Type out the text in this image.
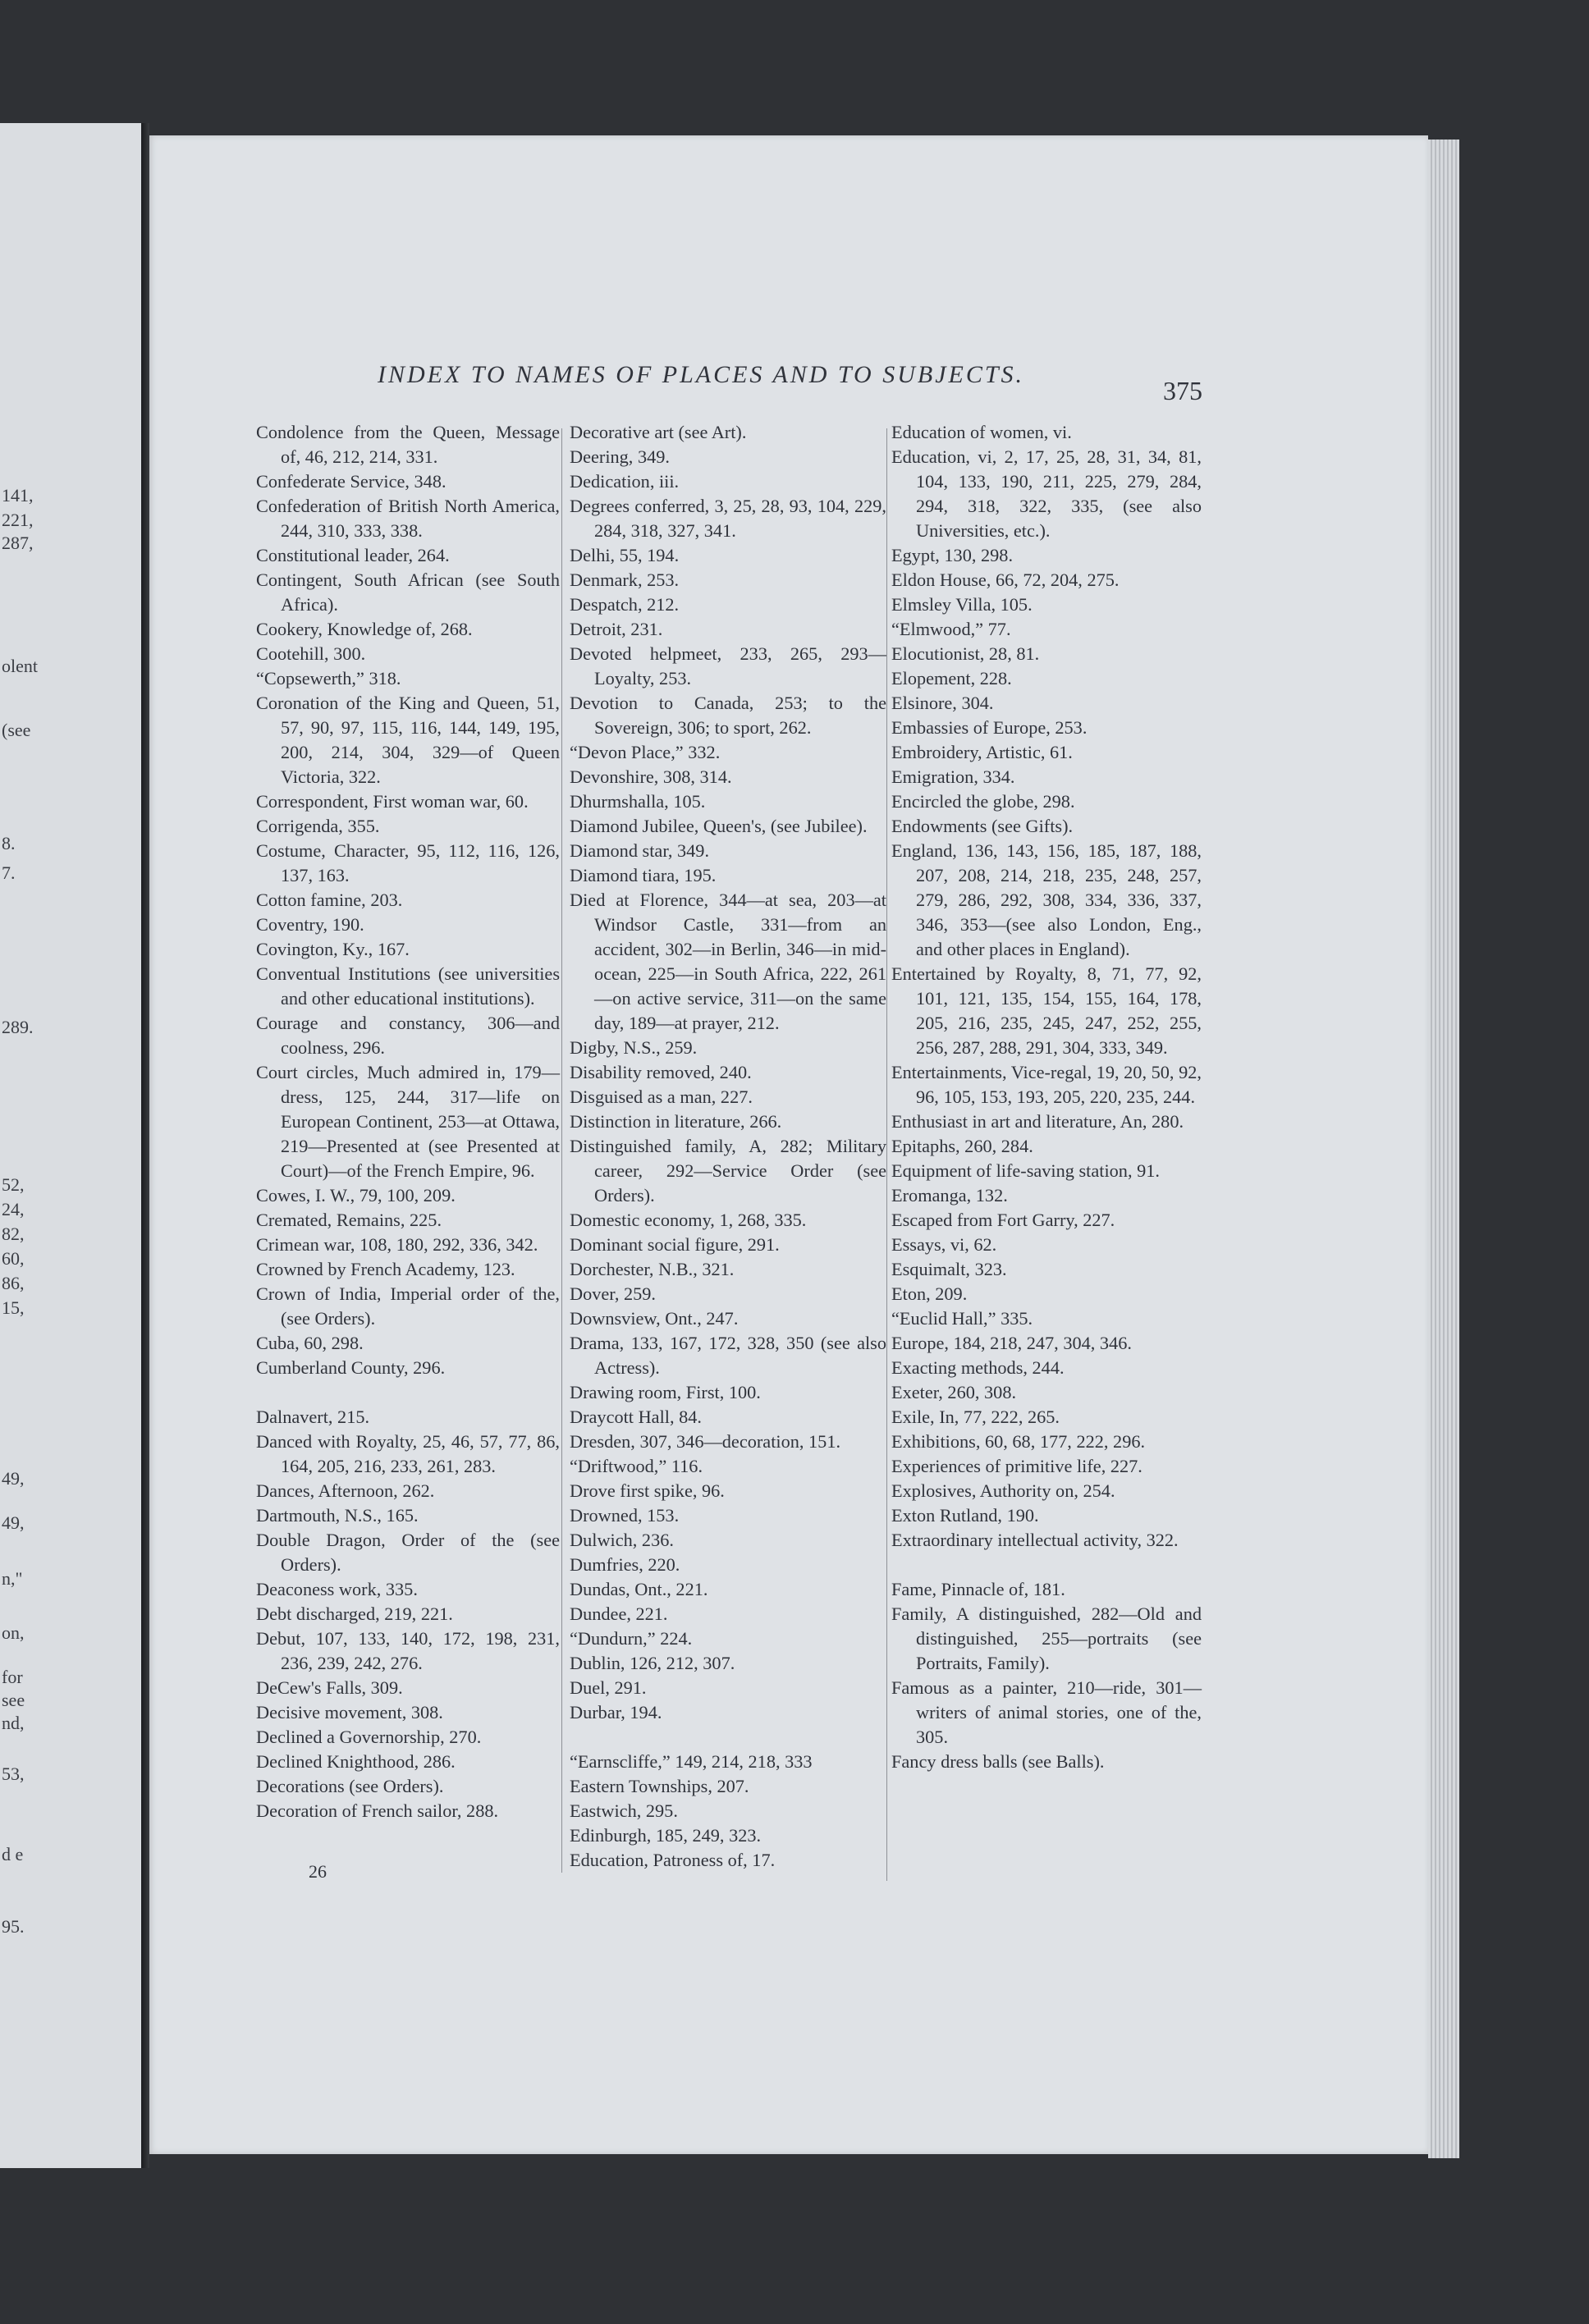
141,
221,
287,
olent
(see
8.
7.
289.
52,
24,
82,
60,
86,
15,
49,
49,
n,"
on,
for
see
nd,
53,
d e
95.
INDEX TO NAMES OF PLACES AND TO SUBJECTS.
375
Condolence from the Queen, Message of, 46, 212, 214, 331.
Confederate Service, 348.
Confederation of British North America, 244, 310, 333, 338.
Constitutional leader, 264.
Contingent, South African (see South Africa).
Cookery, Knowledge of, 268.
Cootehill, 300.
“Copsewerth,” 318.
Coronation of the King and Queen, 51, 57, 90, 97, 115, 116, 144, 149, 195, 200, 214, 304, 329—of Queen Victoria, 322.
Correspondent, First woman war, 60.
Corrigenda, 355.
Costume, Character, 95, 112, 116, 126, 137, 163.
Cotton famine, 203.
Coventry, 190.
Covington, Ky., 167.
Conventual Institutions (see universities and other educational institutions).
Courage and constancy, 306—and coolness, 296.
Court circles, Much admired in, 179—dress, 125, 244, 317—life on European Continent, 253—at Ottawa, 219—Presented at (see Presented at Court)—of the French Empire, 96.
Cowes, I. W., 79, 100, 209.
Cremated, Remains, 225.
Crimean war, 108, 180, 292, 336, 342.
Crowned by French Academy, 123.
Crown of India, Imperial order of the, (see Orders).
Cuba, 60, 298.
Cumberland County, 296.
Dalnavert, 215.
Danced with Royalty, 25, 46, 57, 77, 86, 164, 205, 216, 233, 261, 283.
Dances, Afternoon, 262.
Dartmouth, N.S., 165.
Double Dragon, Order of the (see Orders).
Deaconess work, 335.
Debt discharged, 219, 221.
Debut, 107, 133, 140, 172, 198, 231, 236, 239, 242, 276.
DeCew's Falls, 309.
Decisive movement, 308.
Declined a Governorship, 270.
Declined Knighthood, 286.
Decorations (see Orders).
Decoration of French sailor, 288.
Decorative art (see Art).
Deering, 349.
Dedication, iii.
Degrees conferred, 3, 25, 28, 93, 104, 229, 284, 318, 327, 341.
Delhi, 55, 194.
Denmark, 253.
Despatch, 212.
Detroit, 231.
Devoted helpmeet, 233, 265, 293—Loyalty, 253.
Devotion to Canada, 253; to the Sovereign, 306; to sport, 262.
“Devon Place,” 332.
Devonshire, 308, 314.
Dhurmshalla, 105.
Diamond Jubilee, Queen's, (see Jubilee).
Diamond star, 349.
Diamond tiara, 195.
Died at Florence, 344—at sea, 203—at Windsor Castle, 331—from an accident, 302—in Berlin, 346—in mid-ocean, 225—in South Africa, 222, 261—on active service, 311—on the same day, 189—at prayer, 212.
Digby, N.S., 259.
Disability removed, 240.
Disguised as a man, 227.
Distinction in literature, 266.
Distinguished family, A, 282; Military career, 292—Service Order (see Orders).
Domestic economy, 1, 268, 335.
Dominant social figure, 291.
Dorchester, N.B., 321.
Dover, 259.
Downsview, Ont., 247.
Drama, 133, 167, 172, 328, 350 (see also Actress).
Drawing room, First, 100.
Draycott Hall, 84.
Dresden, 307, 346—decoration, 151.
“Driftwood,” 116.
Drove first spike, 96.
Drowned, 153.
Dulwich, 236.
Dumfries, 220.
Dundas, Ont., 221.
Dundee, 221.
“Dundurn,” 224.
Dublin, 126, 212, 307.
Duel, 291.
Durbar, 194.
“Earnscliffe,” 149, 214, 218, 333
Eastern Townships, 207.
Eastwich, 295.
Edinburgh, 185, 249, 323.
Education, Patroness of, 17.
Education of women, vi.
Education, vi, 2, 17, 25, 28, 31, 34, 81, 104, 133, 190, 211, 225, 279, 284, 294, 318, 322, 335, (see also Universities, etc.).
Egypt, 130, 298.
Eldon House, 66, 72, 204, 275.
Elmsley Villa, 105.
“Elmwood,” 77.
Elocutionist, 28, 81.
Elopement, 228.
Elsinore, 304.
Embassies of Europe, 253.
Embroidery, Artistic, 61.
Emigration, 334.
Encircled the globe, 298.
Endowments (see Gifts).
England, 136, 143, 156, 185, 187, 188, 207, 208, 214, 218, 235, 248, 257, 279, 286, 292, 308, 334, 336, 337, 346, 353—(see also London, Eng., and other places in England).
Entertained by Royalty, 8, 71, 77, 92, 101, 121, 135, 154, 155, 164, 178, 205, 216, 235, 245, 247, 252, 255, 256, 287, 288, 291, 304, 333, 349.
Entertainments, Vice-regal, 19, 20, 50, 92, 96, 105, 153, 193, 205, 220, 235, 244.
Enthusiast in art and literature, An, 280.
Epitaphs, 260, 284.
Equipment of life-saving station, 91.
Eromanga, 132.
Escaped from Fort Garry, 227.
Essays, vi, 62.
Esquimalt, 323.
Eton, 209.
“Euclid Hall,” 335.
Europe, 184, 218, 247, 304, 346.
Exacting methods, 244.
Exeter, 260, 308.
Exile, In, 77, 222, 265.
Exhibitions, 60, 68, 177, 222, 296.
Experiences of primitive life, 227.
Explosives, Authority on, 254.
Exton Rutland, 190.
Extraordinary intellectual activity, 322.
Fame, Pinnacle of, 181.
Family, A distinguished, 282—Old and distinguished, 255—portraits (see Portraits, Family).
Famous as a painter, 210—ride, 301—writers of animal stories, one of the, 305.
Fancy dress balls (see Balls).
26
